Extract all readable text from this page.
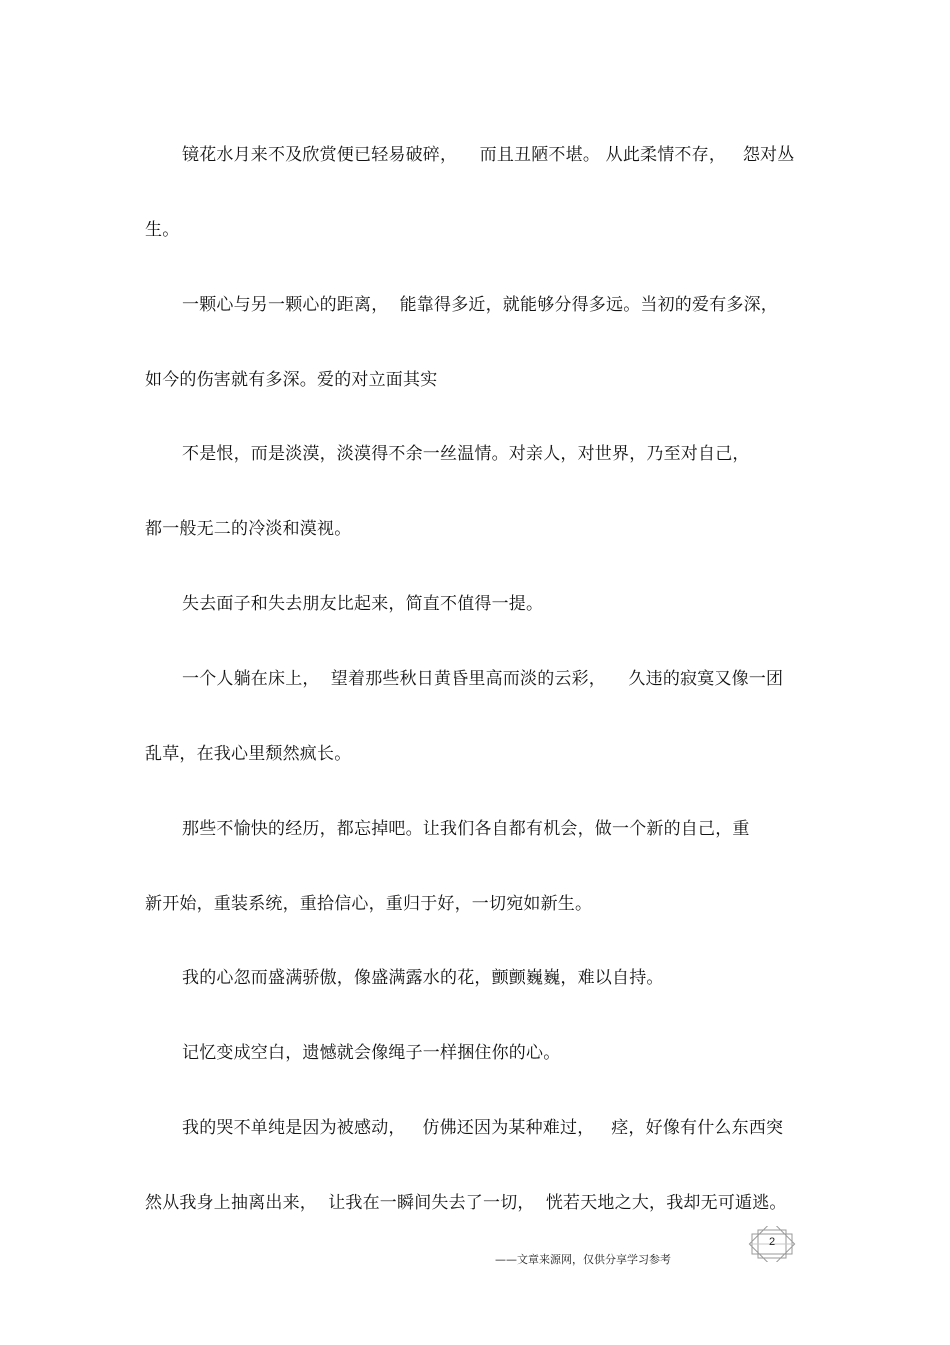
镜花水月来不及欣赏便已轻易破碎，    而且丑陋不堪。 从此柔情不存，   怨对丛
生。
一颗心与另一颗心的距离，  能靠得多近，就能够分得多远。当初的爱有多深，
如今的伤害就有多深。爱的对立面其实
不是恨，而是淡漠，淡漠得不余一丝温情。对亲人，对世界，乃至对自己，
都一般无二的冷淡和漠视。
失去面子和失去朋友比起来，简直不值得一提。
一个人躺在床上，  望着那些秋日黄昏里高而淡的云彩，    久违的寂寞又像一团
乱草，在我心里颓然疯长。
那些不愉快的经历，都忘掉吧。让我们各自都有机会，做一个新的自己，重
新开始，重装系统，重拾信心，重归于好，一切宛如新生。
我的心忽而盛满骄傲，像盛满露水的花，颤颤巍巍，难以自持。
记忆变成空白，遗憾就会像绳子一样捆住你的心。
我的哭不单纯是因为被感动，   仿佛还因为某种难过，   痉，好像有什么东西突
然从我身上抽离出来，  让我在一瞬间失去了一切，  恍若天地之大，我却无可遁逃。
——文章来源网，仅供分享学习参考
2
